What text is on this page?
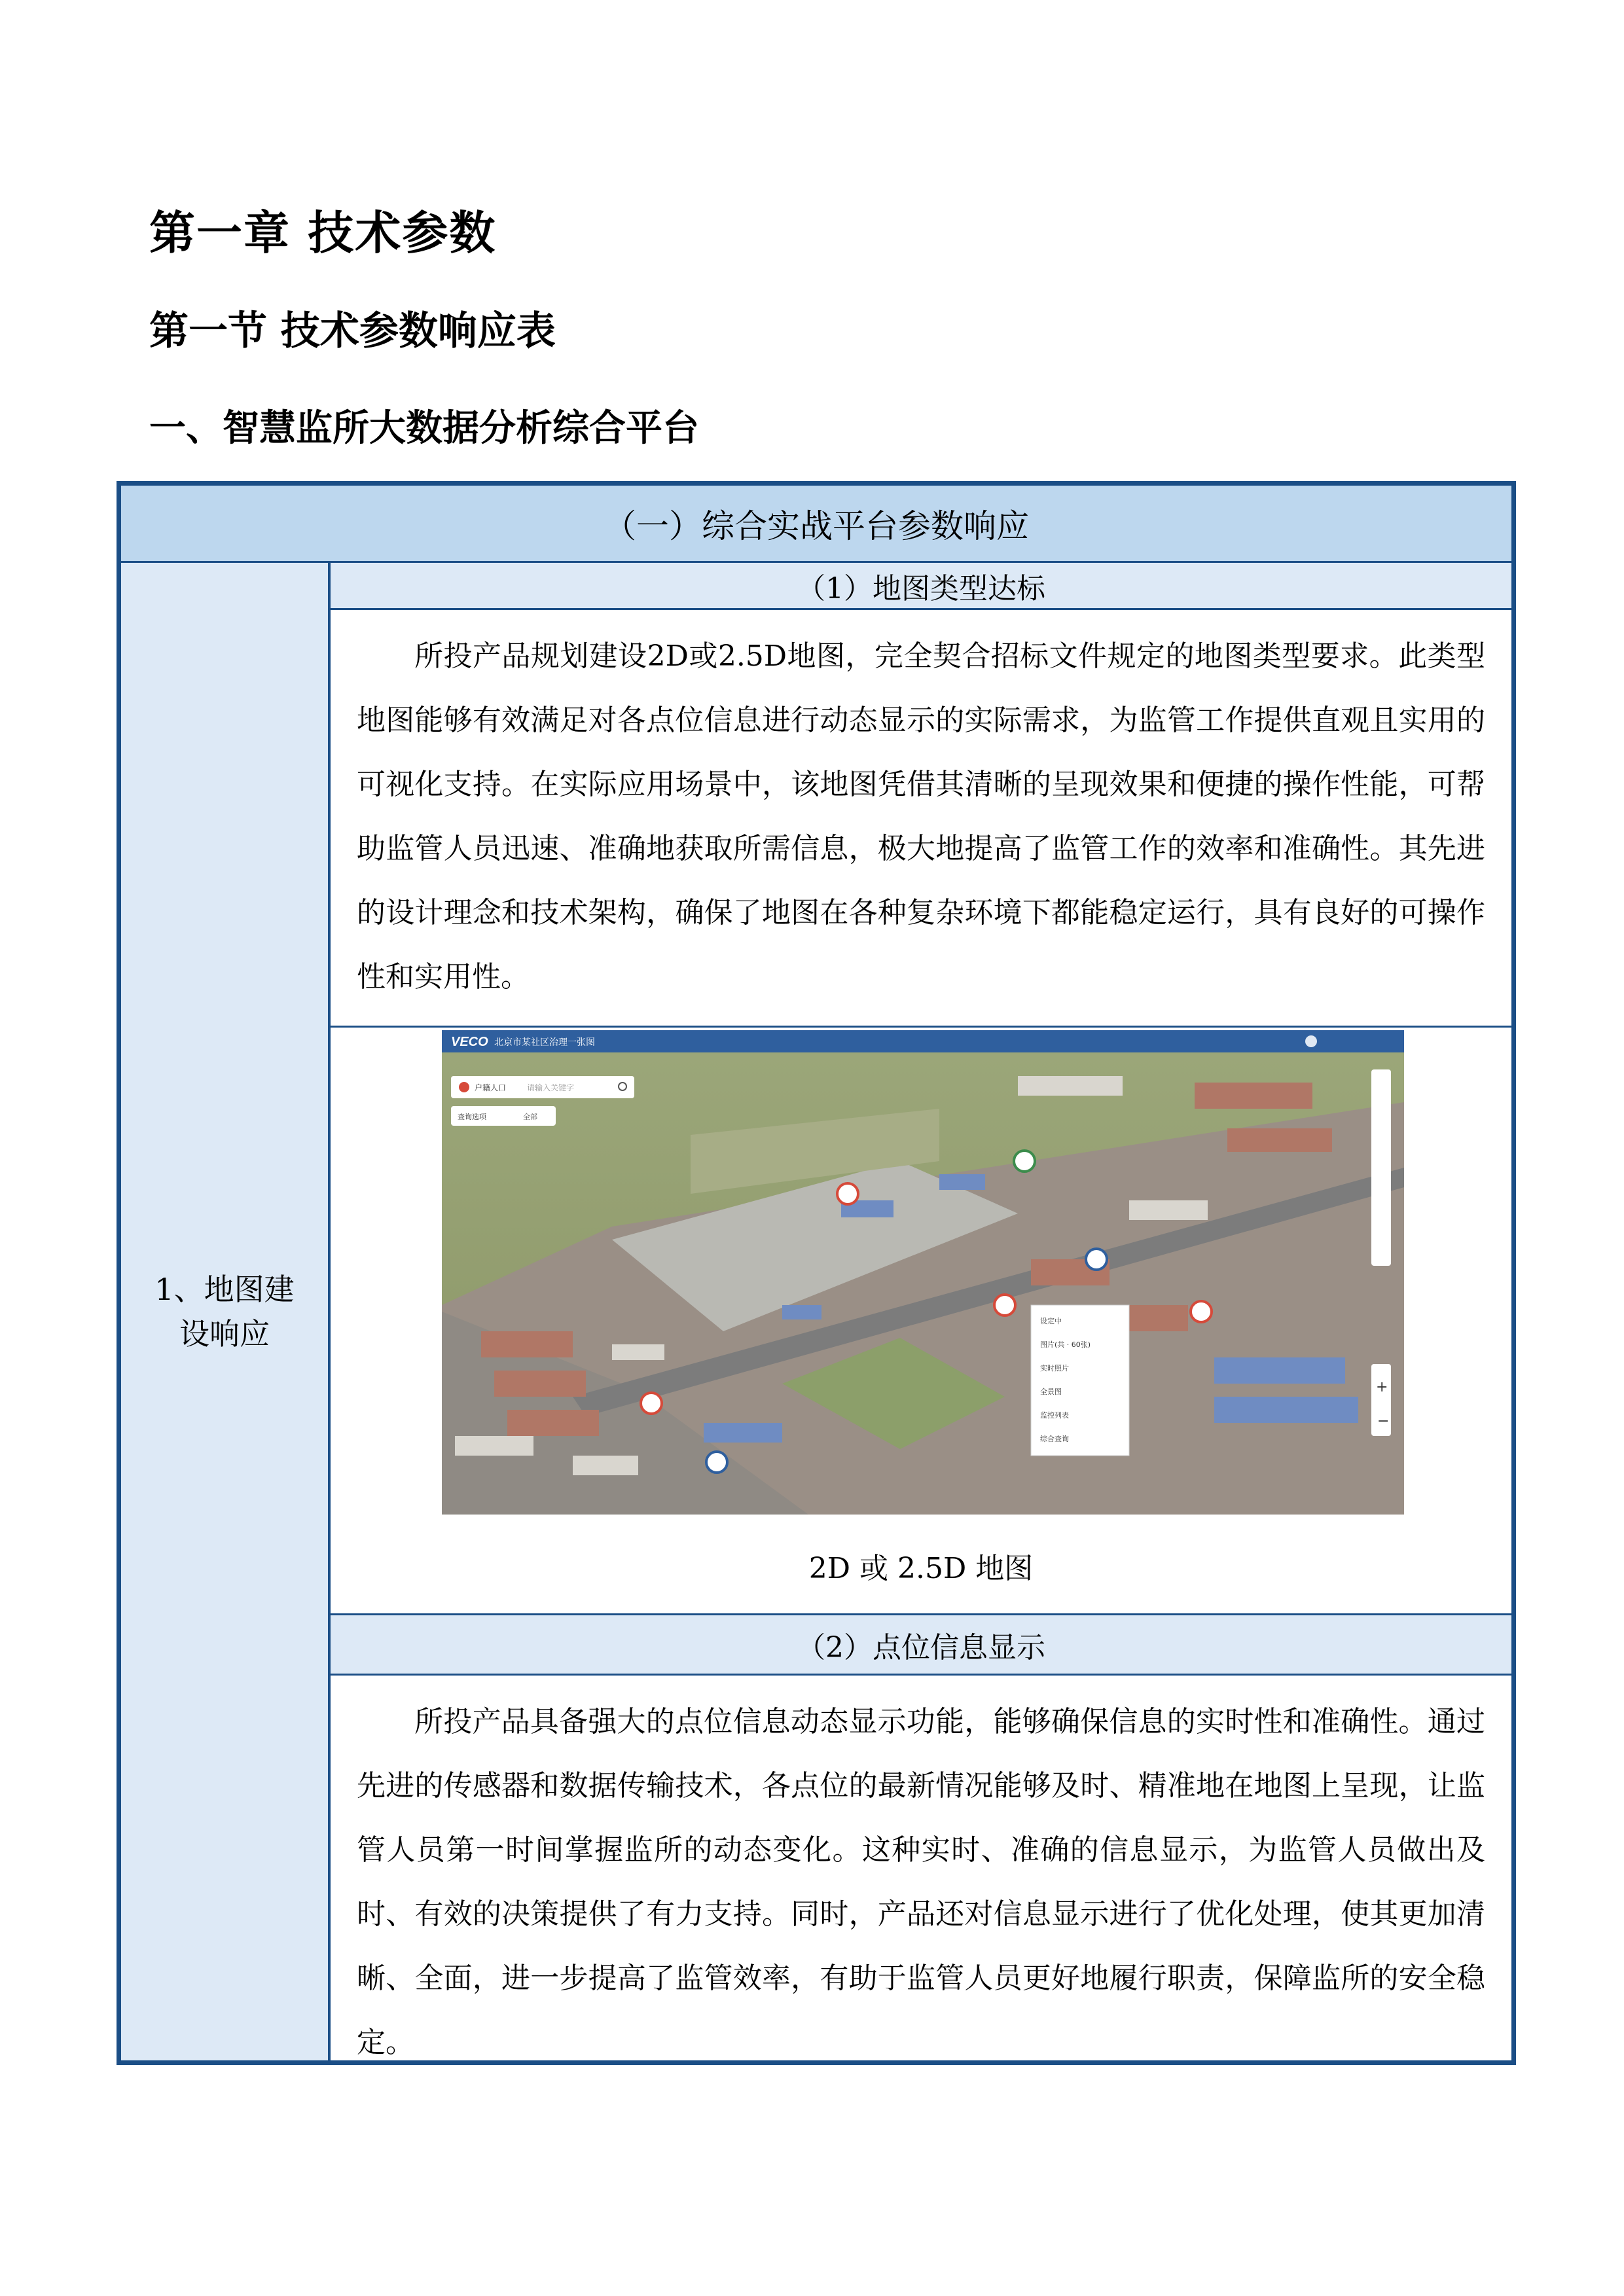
第一章 技术参数
第一节 技术参数响应表
一、智慧监所大数据分析综合平台
（一）综合实战平台参数响应
1、地图建设响应
（1）地图类型达标
所投产品规划建设2D或2.5D地图，完全契合招标文件规定的地图类型要求。此类型地图能够有效满足对各点位信息进行动态显示的实际需求，为监管工作提供直观且实用的可视化支持。在实际应用场景中，该地图凭借其清晰的呈现效果和便捷的操作性能，可帮助监管人员迅速、准确地获取所需信息，极大地提高了监管工作的效率和准确性。其先进的设计理念和技术架构，确保了地图在各种复杂环境下都能稳定运行，具有良好的可操作性和实用性。
VECO 北京市某社区治理一张图
户籍人口	请输入关键字
查询选项	全部
设定中
图片(共 · 60张)
实时照片
全景图
监控列表
综合查询
+
−
2D 或 2.5D 地图
（2）点位信息显示
所投产品具备强大的点位信息动态显示功能，能够确保信息的实时性和准确性。通过先进的传感器和数据传输技术，各点位的最新情况能够及时、精准地在地图上呈现，让监管人员第一时间掌握监所的动态变化。这种实时、准确的信息显示，为监管人员做出及时、有效的决策提供了有力支持。同时，产品还对信息显示进行了优化处理，使其更加清晰、全面，进一步提高了监管效率，有助于监管人员更好地履行职责，保障监所的安全稳定。
